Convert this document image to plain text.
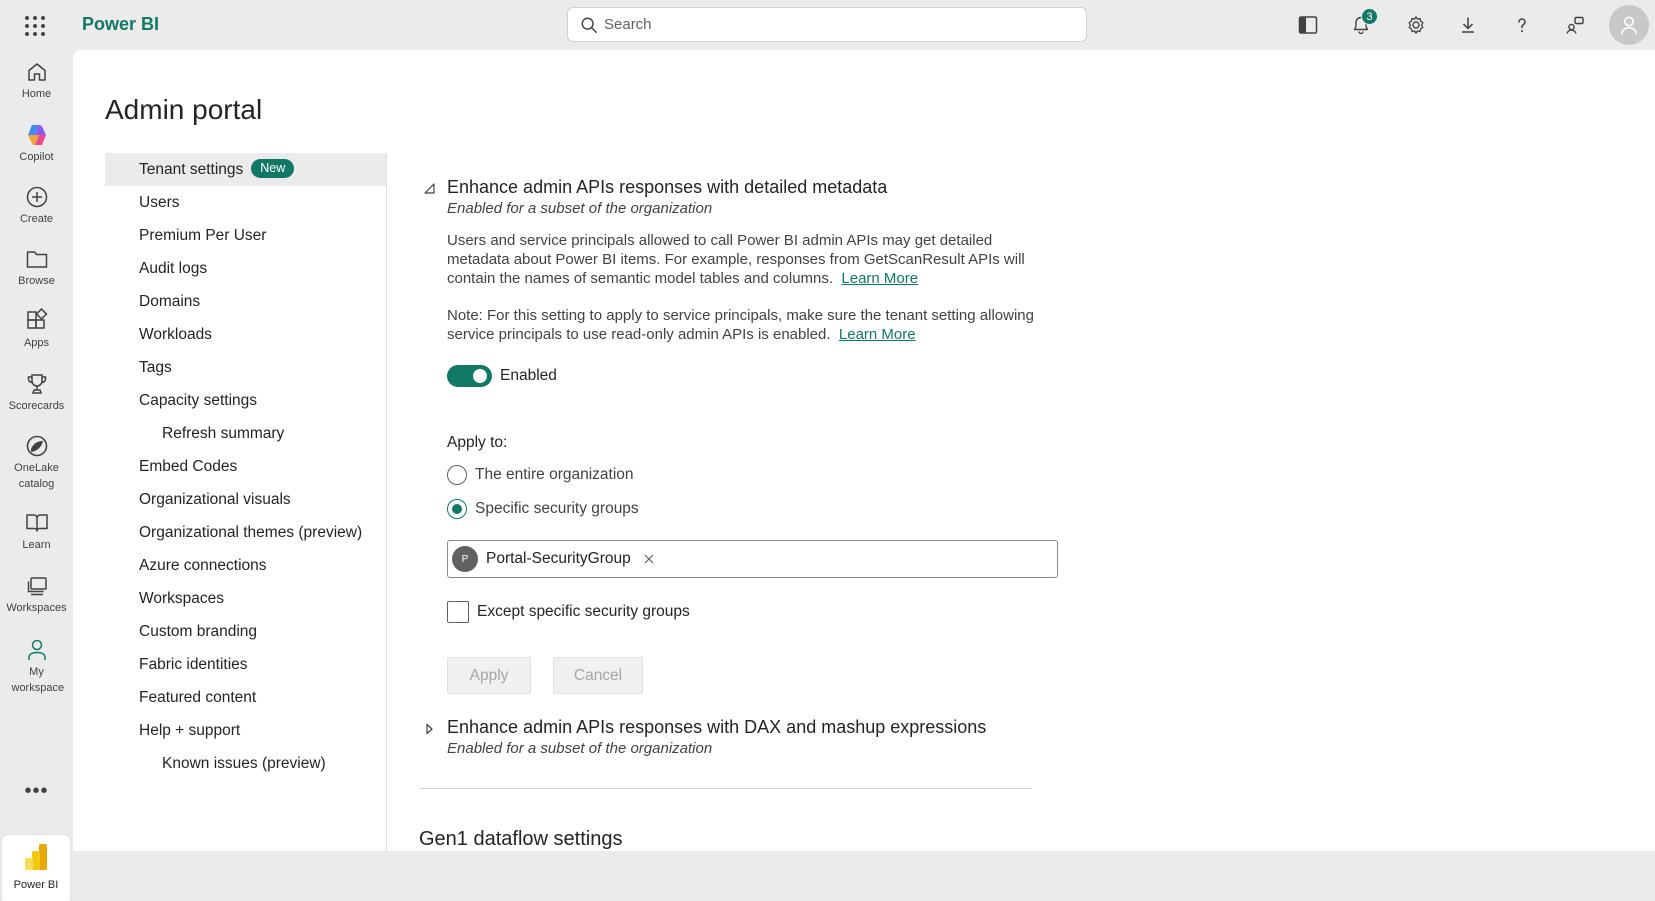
Power BI
Search	3
Home
Copilot
Create
Browse
Apps
Scorecards
OneLake catalog
Learn
Workspaces
My workspace
•••
Power BI
Admin portal
Tenant settings New
Users
Premium Per User
Audit logs
Domains
Workloads
Tags
Capacity settings
Refresh summary
Embed Codes
Organizational visuals
Organizational themes (preview)
Azure connections
Workspaces
Custom branding
Fabric identities
Featured content
Help + support
Known issues (preview)
Enhance admin APIs responses with detailed metadata
Enabled for a subset of the organization
Users and service principals allowed to call Power BI admin APIs may get detailed
metadata about Power BI items. For example, responses from GetScanResult APIs will
contain the names of semantic model tables and columns. Learn More
Note: For this setting to apply to service principals, make sure the tenant setting allowing
service principals to use read-only admin APIs is enabled. Learn More
Enabled
Apply to:
The entire organization
Specific security groups
P	Portal-SecurityGroup
Except specific security groups
Apply	Cancel
Enhance admin APIs responses with DAX and mashup expressions
Enabled for a subset of the organization
Gen1 dataflow settings
